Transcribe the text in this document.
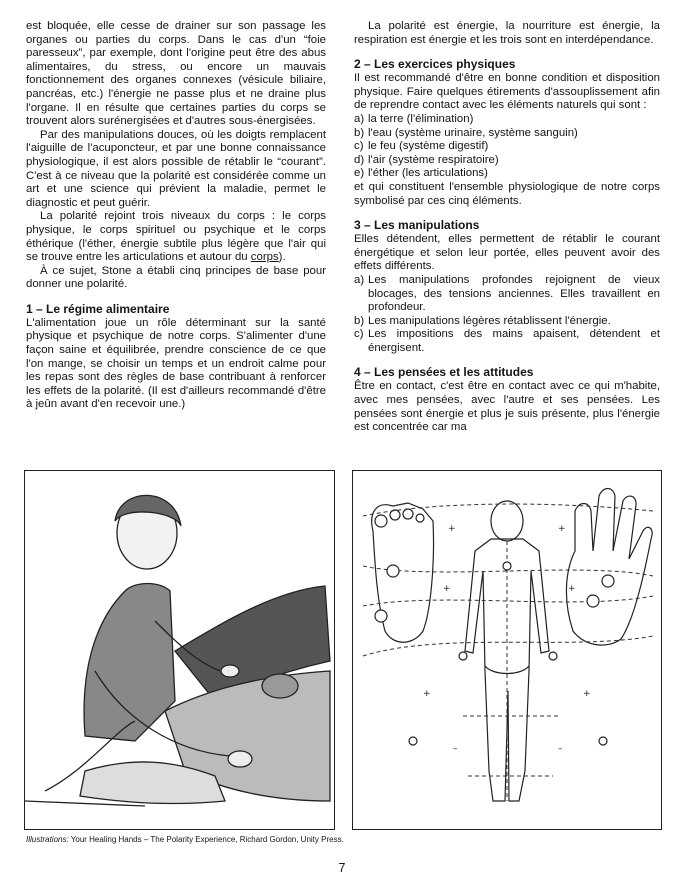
est bloquée, elle cesse de drainer sur son passage les organes ou parties du corps. Dans le cas d'un “foie paresseux”, par exemple, dont l'origine peut être des abus alimentaires, du stress, ou encore un mauvais fonctionnement des organes connexes (vésicule biliaire, pancréas, etc.) l'énergie ne passe plus et ne draine plus l'organe. Il en résulte que certaines parties du corps se trouvent alors surénergisées et d'autres sous-énergisées.

Par des manipulations douces, où les doigts remplacent l'aiguille de l'acuponcteur, et par une bonne connaissance physiologique, il est alors possible de rétablir le “courant”. C'est à ce niveau que la polarité est considérée comme un art et une science qui prévient la maladie, permet le diagnostic et peut guérir.

La polarité rejoint trois niveaux du corps : le corps physique, le corps spirituel ou psychique et le corps éthérique (l'éther, énergie subtile plus légère que l'air qui se trouve entre les articulations et autour du corps).

À ce sujet, Stone a établi cinq principes de base pour donner une polarité.

1 – Le régime alimentaire

L'alimentation joue un rôle déterminant sur la santé physique et psychique de notre corps. S'alimenter d'une façon saine et équilibrée, prendre conscience de ce que l'on mange, se choisir un temps et un endroit calme pour les repas sont des règles de base contribuant à renforcer les effets de la polarité. (Il est d'ailleurs recommandé d'être à jeûn avant d'en recevoir une.)

La polarité est énergie, la nourriture est énergie, la respiration est énergie et les trois sont en interdépendance.

2 – Les exercices physiques

Il est recommandé d'être en bonne condition et disposition physique. Faire quelques étirements d'assouplissement afin de reprendre contact avec les éléments naturels qui sont :

a) la terre (l'élimination)
b) l'eau (système urinaire, système sanguin)
c) le feu (système digestif)
d) l'air (système respiratoire)
e) l'éther (les articulations)

et qui constituent l'ensemble physiologique de notre corps symbolisé par ces cinq éléments.

3 – Les manipulations

Elles détendent, elles permettent de rétablir le courant énergétique et selon leur portée, elles peuvent avoir des effets différents.

a) Les manipulations profondes rejoignent de vieux blocages, des tensions anciennes. Elles travaillent en profondeur.
b) Les manipulations légères rétablissent l'énergie.
c) Les impositions des mains apaisent, détendent et énergisent.
4 – Les pensées et les attitudes

Être en contact, c'est être en contact avec ce qui m'habite, avec mes pensées, avec l'autre et ses pensées. Les pensées sont énergie et plus je suis présente, plus l'énergie est concentrée car ma

+	+
+	+
+	+
–	–
Illustrations: Your Healing Hands – The Polarity Experience, Richard Gordon, Unity Press.
7
